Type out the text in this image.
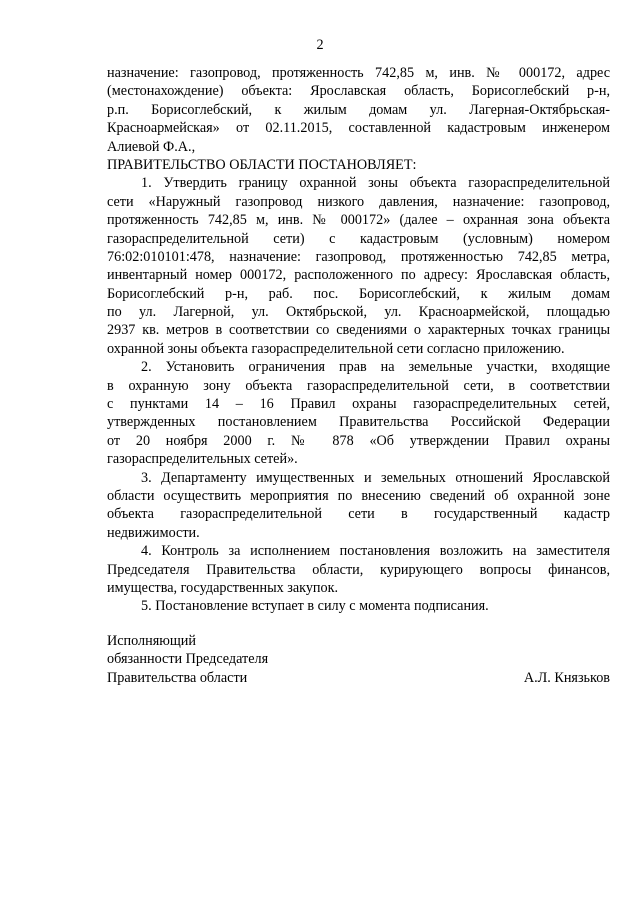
2
назначение: газопровод, протяженность 742,85 м, инв. № 000172, адрес
(местонахождение) объекта: Ярославская область, Борисоглебский р-н,
р.п. Борисоглебский, к жилым домам ул. Лагерная-Октябрьская-
Красноармейская» от 02.11.2015, составленной кадастровым инженером
Алиевой Ф.А.,
ПРАВИТЕЛЬСТВО ОБЛАСТИ ПОСТАНОВЛЯЕТ:
1. Утвердить границу охранной зоны объекта газораспределительной
сети «Наружный газопровод низкого давления, назначение: газопровод,
протяженность 742,85 м, инв. № 000172» (далее – охранная зона объекта
газораспределительной сети) с кадастровым (условным) номером
76:02:010101:478, назначение: газопровод, протяженностью 742,85 метра,
инвентарный номер 000172, расположенного по адресу: Ярославская область,
Борисоглебский р-н, раб. пос. Борисоглебский, к жилым домам
по ул. Лагерной, ул. Октябрьской, ул. Красноармейской, площадью
2937 кв. метров в соответствии со сведениями о характерных точках границы
охранной зоны объекта газораспределительной сети согласно приложению.
2. Установить ограничения прав на земельные участки, входящие
в охранную зону объекта газораспределительной сети, в соответствии
с пунктами 14 – 16 Правил охраны газораспределительных сетей,
утвержденных постановлением Правительства Российской Федерации
от 20 ноября 2000 г. № 878 «Об утверждении Правил охраны
газораспределительных сетей».
3. Департаменту имущественных и земельных отношений Ярославской
области осуществить мероприятия по внесению сведений об охранной зоне
объекта газораспределительной сети в государственный кадастр
недвижимости.
4. Контроль за исполнением постановления возложить на заместителя
Председателя Правительства области, курирующего вопросы финансов,
имущества, государственных закупок.
5. Постановление вступает в силу с момента подписания.
Исполняющий
обязанности Председателя
Правительства области	А.Л. Князьков
